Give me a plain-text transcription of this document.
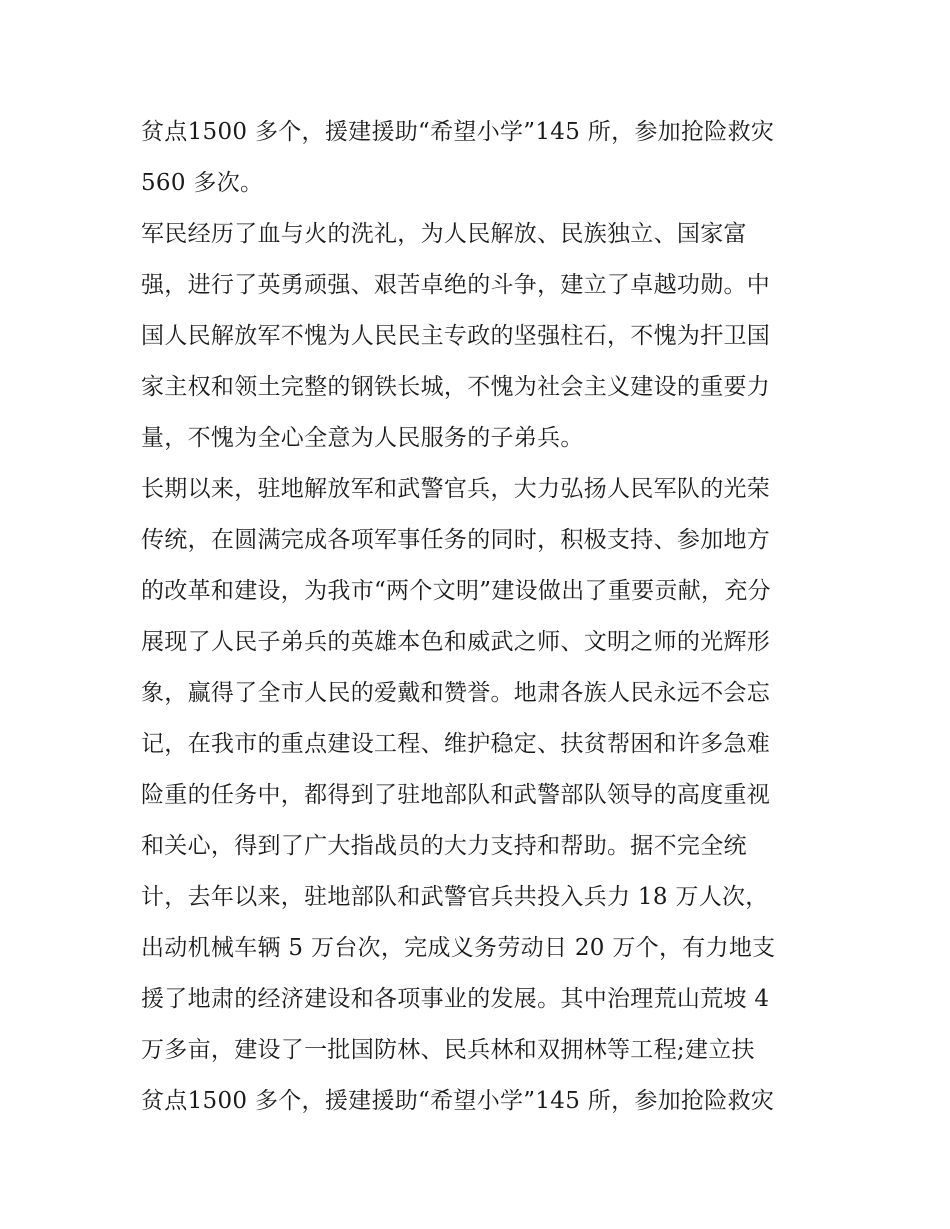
贫点1500 多个，援建援助“希望小学”145 所，参加抢险救灾
560 多次。
军民经历了血与火的洗礼，为人民解放、民族独立、国家富
强，进行了英勇顽强、艰苦卓绝的斗争，建立了卓越功勋。中
国人民解放军不愧为人民民主专政的坚强柱石，不愧为扞卫国
家主权和领土完整的钢铁长城，不愧为社会主义建设的重要力
量，不愧为全心全意为人民服务的子弟兵。
长期以来，驻地解放军和武警官兵，大力弘扬人民军队的光荣
传统，在圆满完成各项军事任务的同时，积极支持、参加地方
的改革和建设，为我市“两个文明”建设做出了重要贡献，充分
展现了人民子弟兵的英雄本色和威武之师、文明之师的光辉形
象，赢得了全市人民的爱戴和赞誉。地肃各族人民永远不会忘
记，在我市的重点建设工程、维护稳定、扶贫帮困和许多急难
险重的任务中，都得到了驻地部队和武警部队领导的高度重视
和关心，得到了广大指战员的大力支持和帮助。据不完全统
计，去年以来，驻地部队和武警官兵共投入兵力 18 万人次，
出动机械车辆 5 万台次，完成义务劳动日 20 万个，有力地支
援了地肃的经济建设和各项事业的发展。其中治理荒山荒坡 4
万多亩，建设了一批国防林、民兵林和双拥林等工程;建立扶
贫点1500 多个，援建援助“希望小学”145 所，参加抢险救灾
